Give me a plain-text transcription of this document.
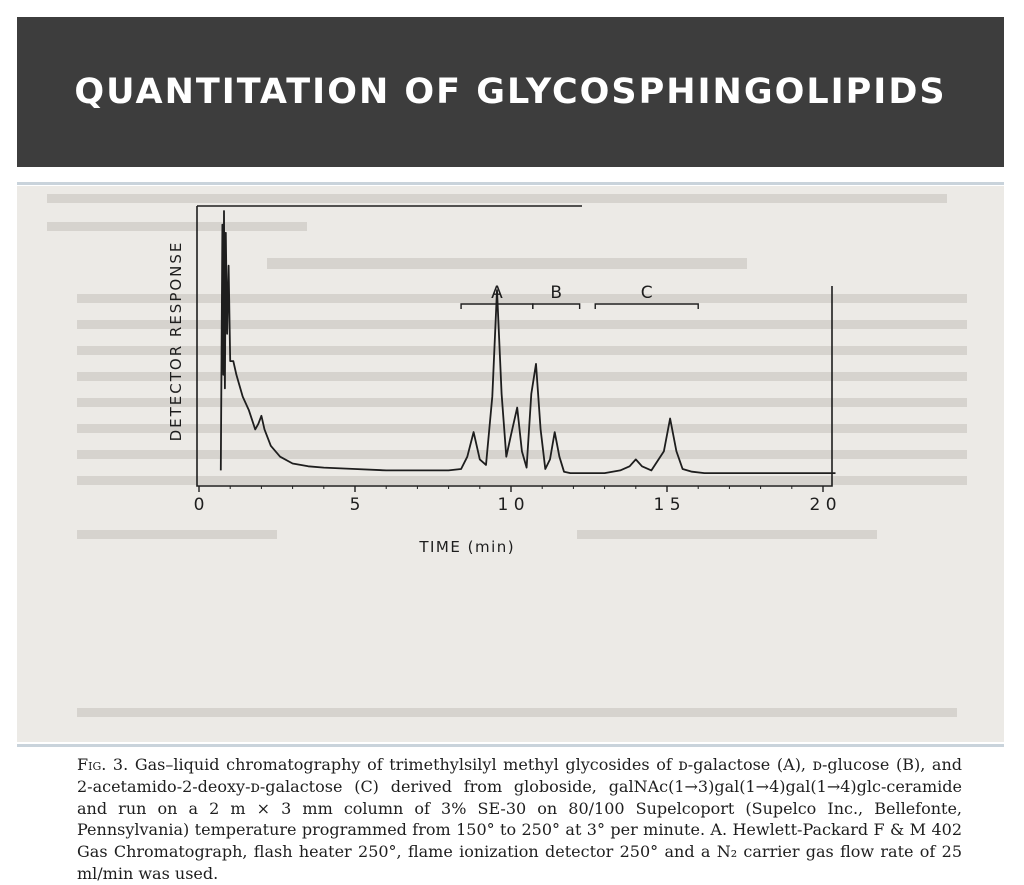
QUANTITATION OF GLYCOSPHINGOLIPIDS
0	5	1 0	1 5	2 0
TIME (min)
DETECTOR RESPONSE	A	B	C
Fig. 3. Gas–liquid chromatography of trimethylsilyl methyl glycosides of ᴅ-galactose (A), ᴅ-glucose (B), and 2-acetamido-2-deoxy-ᴅ-galactose (C) derived from globoside, galNAc(1→3)gal(1→4)gal(1→4)glc-ceramide and run on a 2 m × 3 mm column of 3% SE-30 on 80/100 Supelcoport (Supelco Inc., Bellefonte, Pennsylvania) temperature programmed from 150° to 250° at 3° per minute. A. Hewlett-Packard F & M 402 Gas Chromatograph, flash heater 250°, flame ionization detector 250° and a N₂ carrier gas flow rate of 25 ml/min was used.
